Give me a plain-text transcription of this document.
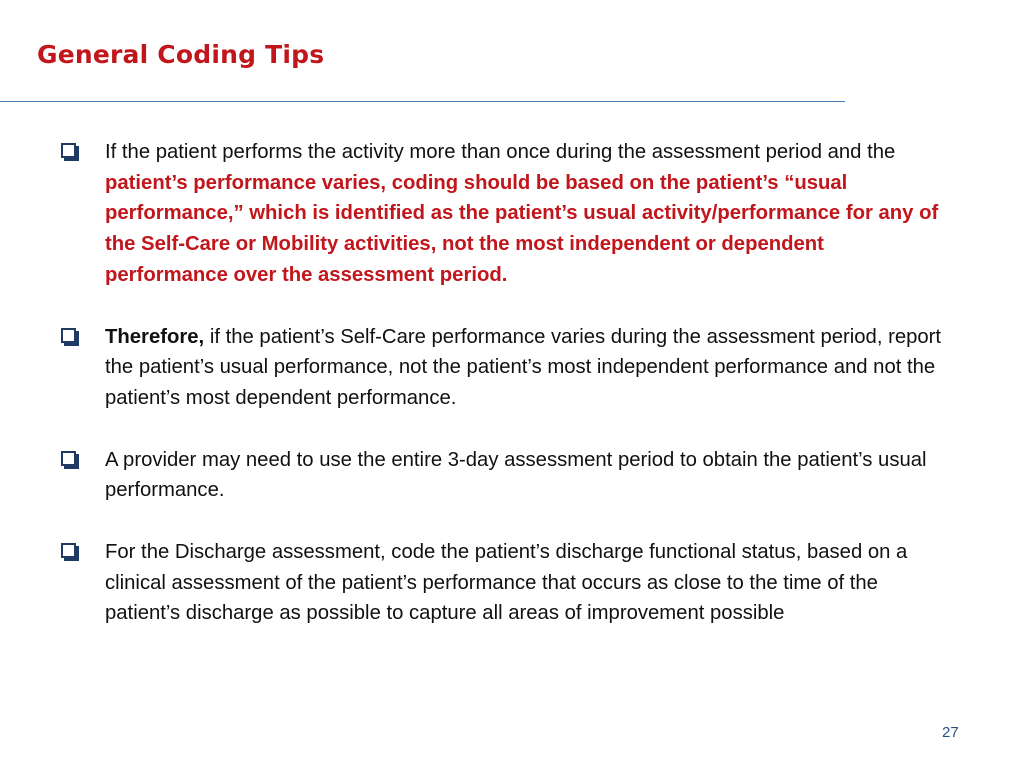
General Coding Tips
If the patient performs the activity more than once during the assessment period and the patient’s performance varies, coding should be based on the patient’s “usual performance,” which is identified as the patient’s usual activity/performance for any of the Self-Care or Mobility activities, not the most independent or dependent performance over the assessment period.
Therefore, if the patient’s Self-Care performance varies during the assessment period, report the patient’s usual performance, not the patient’s most independent performance and not the patient’s most dependent performance.
A provider may need to use the entire 3-day assessment period to obtain the patient’s usual performance.
For the Discharge assessment, code the patient’s discharge functional status, based on a clinical assessment of the patient’s performance that occurs as close to the time of the patient’s discharge as possible to capture all areas of improvement possible
27
